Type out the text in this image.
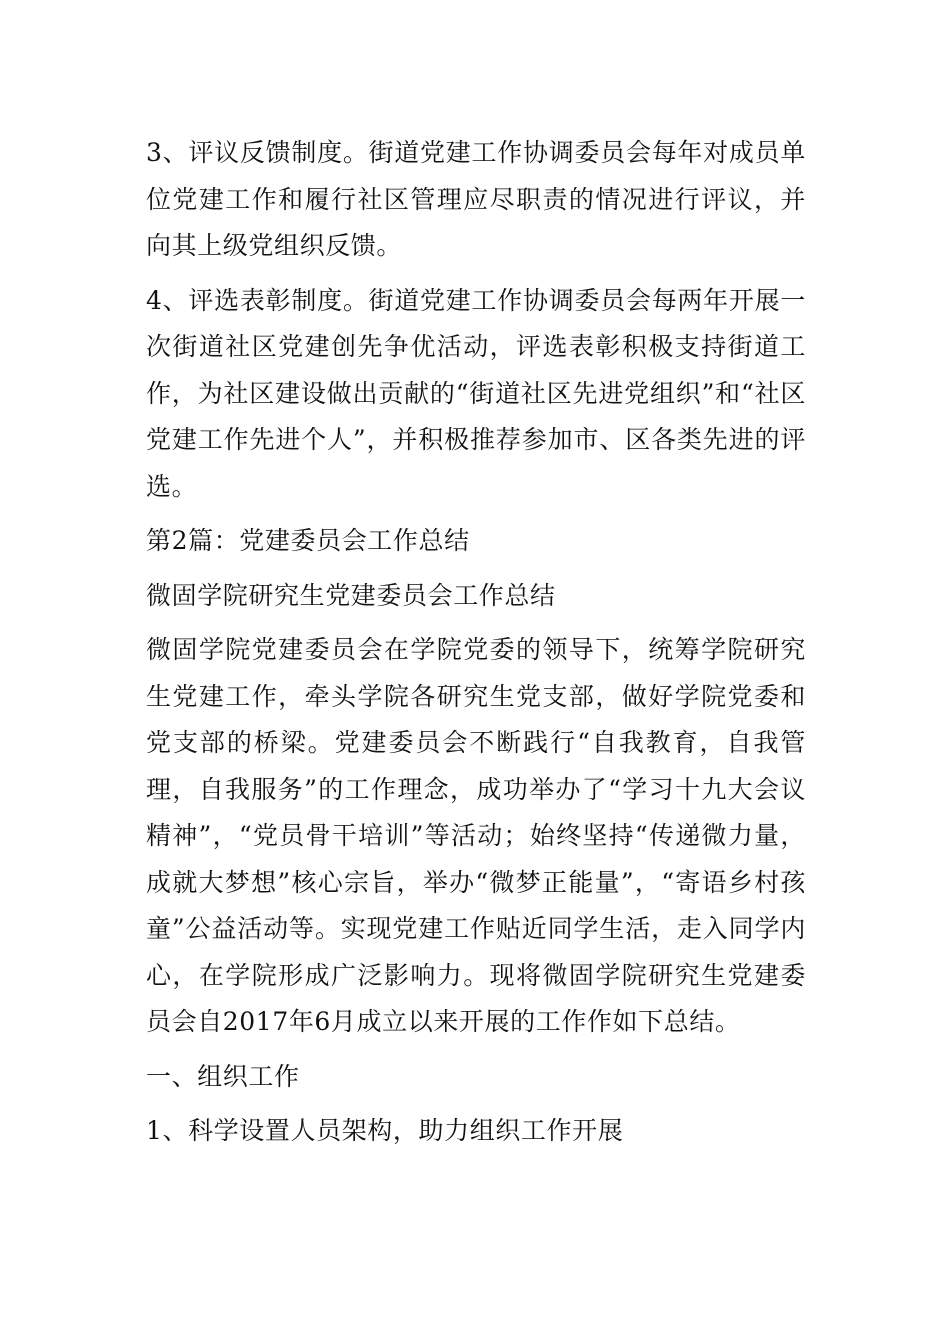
3、评议反馈制度。街道党建工作协调委员会每年对成员单位党建工作和履行社区管理应尽职责的情况进行评议，并向其上级党组织反馈。

4、评选表彰制度。街道党建工作协调委员会每两年开展一次街道社区党建创先争优活动，评选表彰积极支持街道工作，为社区建设做出贡献的“街道社区先进党组织”和“社区党建工作先进个人”，并积极推荐参加市、区各类先进的评选。

第2篇：党建委员会工作总结

微固学院研究生党建委员会工作总结

微固学院党建委员会在学院党委的领导下，统筹学院研究生党建工作，牵头学院各研究生党支部，做好学院党委和党支部的桥梁。党建委员会不断践行“自我教育，自我管理，自我服务”的工作理念，成功举办了“学习十九大会议精神”，“党员骨干培训”等活动；始终坚持“传递微力量，成就大梦想”核心宗旨，举办“微梦正能量”，“寄语乡村孩童”公益活动等。实现党建工作贴近同学生活，走入同学内心，在学院形成广泛影响力。现将微固学院研究生党建委员会自2017年6月成立以来开展的工作作如下总结。

一、组织工作

1、科学设置人员架构，助力组织工作开展
